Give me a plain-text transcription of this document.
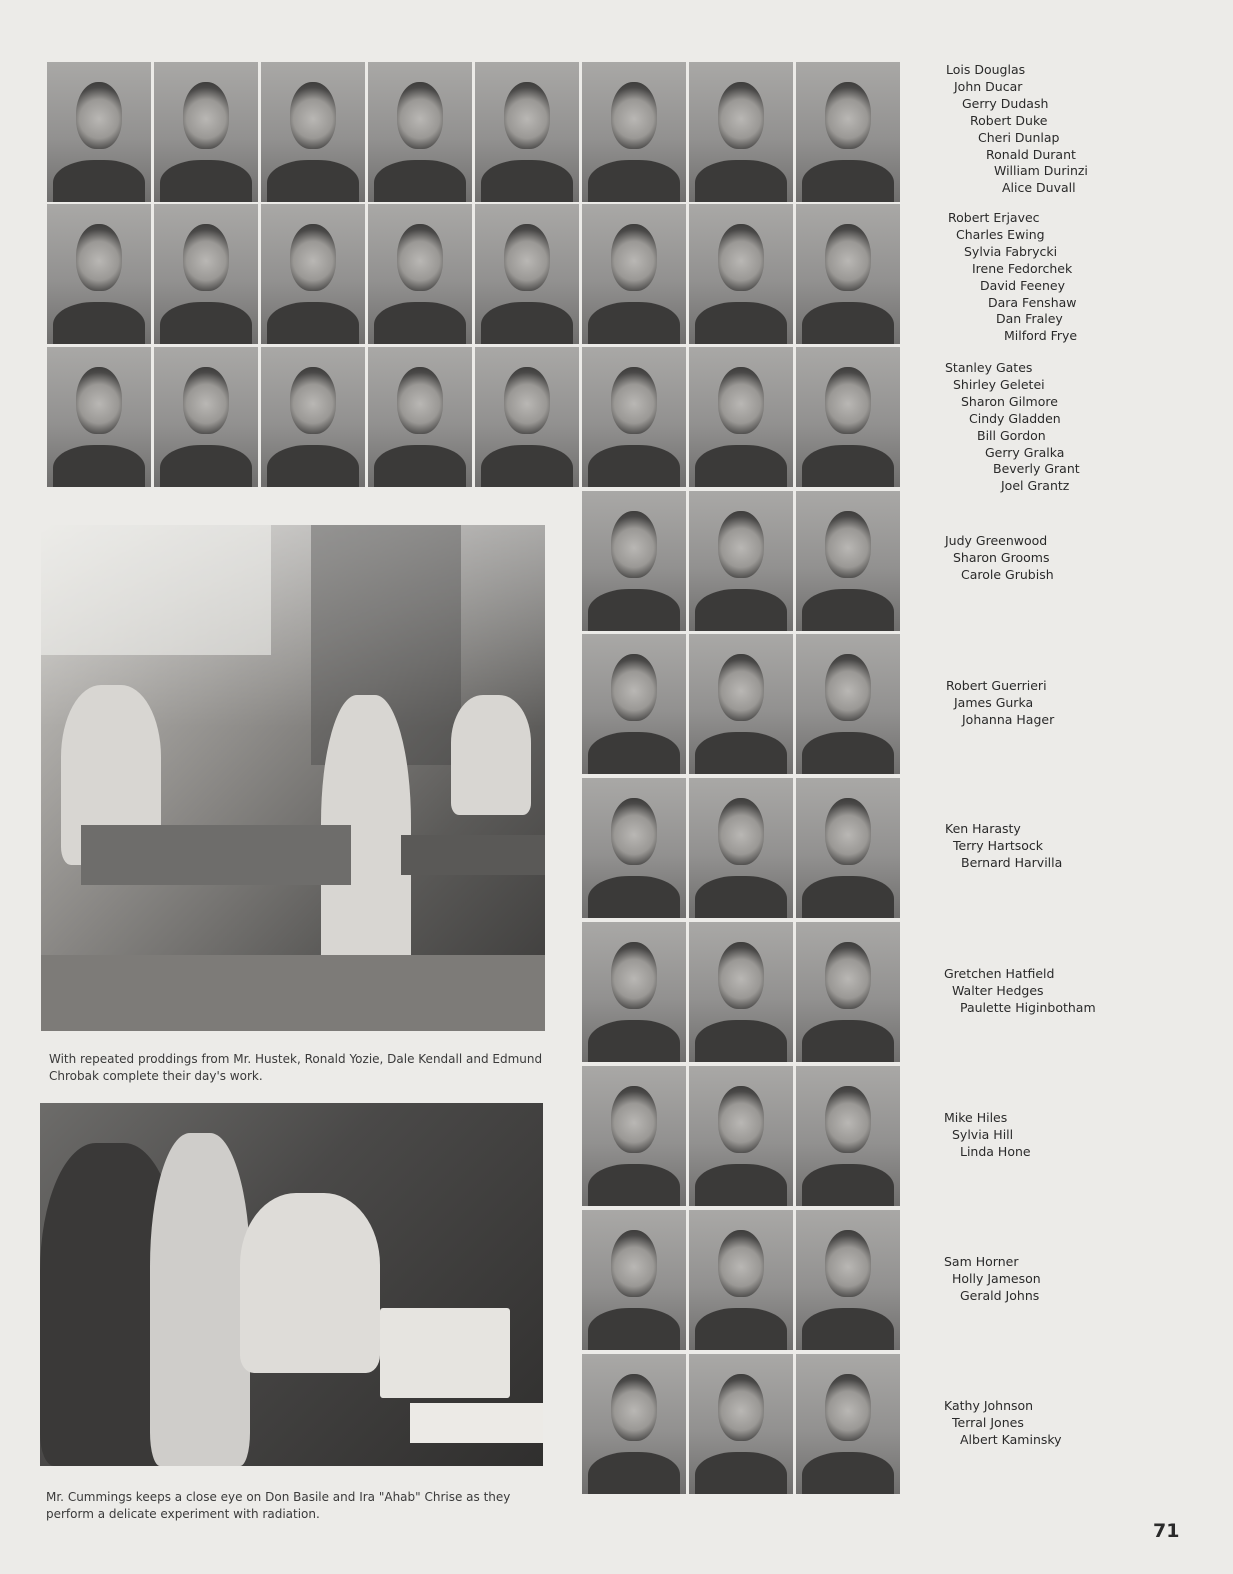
With repeated proddings from Mr. Hustek, Ronald Yozie, Dale Kendall and Edmund Chrobak complete their day's work.
Mr. Cummings keeps a close eye on Don Basile and Ira "Ahab" Chrise as they perform a delicate experiment with radiation.
Lois Douglas
John Ducar
Gerry Dudash
Robert Duke
Cheri Dunlap
Ronald Durant
William Durinzi
Alice Duvall
Robert Erjavec
Charles Ewing
Sylvia Fabrycki
Irene Fedorchek
David Feeney
Dara Fenshaw
Dan Fraley
Milford Frye
Stanley Gates
Shirley Geletei
Sharon Gilmore
Cindy Gladden
Bill Gordon
Gerry Gralka
Beverly Grant
Joel Grantz
Judy Greenwood
Sharon Grooms
Carole Grubish
Robert Guerrieri
James Gurka
Johanna Hager
Ken Harasty
Terry Hartsock
Bernard Harvilla
Gretchen Hatfield
Walter Hedges
Paulette Higinbotham
Mike Hiles
Sylvia Hill
Linda Hone
Sam Horner
Holly Jameson
Gerald Johns
Kathy Johnson
Terral Jones
Albert Kaminsky
71
